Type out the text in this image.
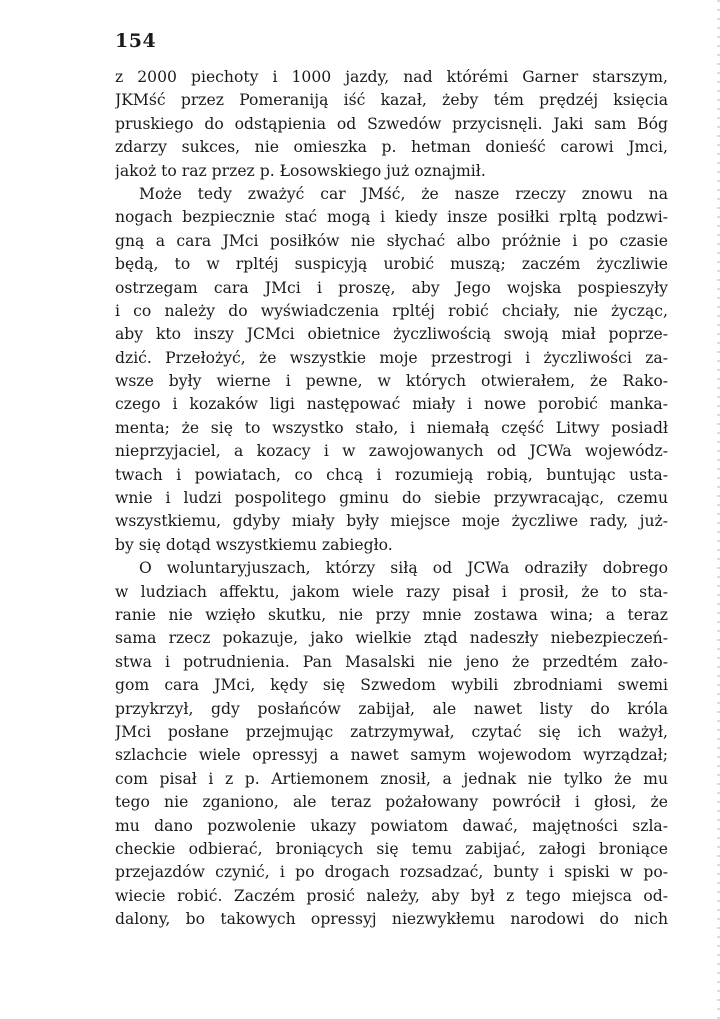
154
z 2000 piechoty i 1000 jazdy, nad którémi Garner starszym,
JKMść przez Pomeraniją iść kazał, żeby tém prędzéj księcia
pruskiego do odstąpienia od Szwedów przycisnęli. Jaki sam Bóg
zdarzy sukces, nie omieszka p. hetman donieść carowi Jmci,
jakoż to raz przez p. Łosowskiego już oznajmił.
Może tedy zważyć car JMść, że nasze rzeczy znowu na
nogach bezpiecznie stać mogą i kiedy insze posiłki rpltą podzwi-
gną a cara JMci posiłków nie słychać albo próżnie i po czasie
będą, to w rpltéj suspicyją urobić muszą; zaczém życzliwie
ostrzegam cara JMci i proszę, aby Jego wojska pospieszyły
i co należy do wyświadczenia rpltéj robić chciały, nie życząc,
aby kto inszy JCMci obietnice życzliwością swoją miał poprze-
dzić. Przełożyć, że wszystkie moje przestrogi i życzliwości za-
wsze były wierne i pewne, w których otwierałem, że Rako-
czego i kozaków ligi następować miały i nowe porobić manka-
menta; że się to wszystko stało, i niemałą część Litwy posiadł
nieprzyjaciel, a kozacy i w zawojowanych od JCWa wojewódz-
twach i powiatach, co chcą i rozumieją robią, buntując usta-
wnie i ludzi pospolitego gminu do siebie przywracając, czemu
wszystkiemu, gdyby miały były miejsce moje życzliwe rady, już-
by się dotąd wszystkiemu zabiegło.
O woluntaryjuszach, którzy siłą od JCWa odraziły dobrego
w ludziach affektu, jakom wiele razy pisał i prosił, że to sta-
ranie nie wzięło skutku, nie przy mnie zostawa wina; a teraz
sama rzecz pokazuje, jako wielkie ztąd nadeszły niebezpieczeń-
stwa i potrudnienia. Pan Masalski nie jeno że przedtém zało-
gom cara JMci, kędy się Szwedom wybili zbrodniami swemi
przykrzył, gdy posłańców zabijał, ale nawet listy do króla
JMci posłane przejmując zatrzymywał, czytać się ich ważył,
szlachcie wiele opressyj a nawet samym wojewodom wyrządzał;
com pisał i z p. Artiemonem znosił, a jednak nie tylko że mu
tego nie zganiono, ale teraz pożałowany powrócił i głosi, że
mu dano pozwolenie ukazy powiatom dawać, majętności szla-
checkie odbierać, broniących się temu zabijać, załogi broniące
przejazdów czynić, i po drogach rozsadzać, bunty i spiski w po-
wiecie robić. Zaczém prosić należy, aby był z tego miejsca od-
dalony, bo takowych opressyj niezwykłemu narodowi do nich
